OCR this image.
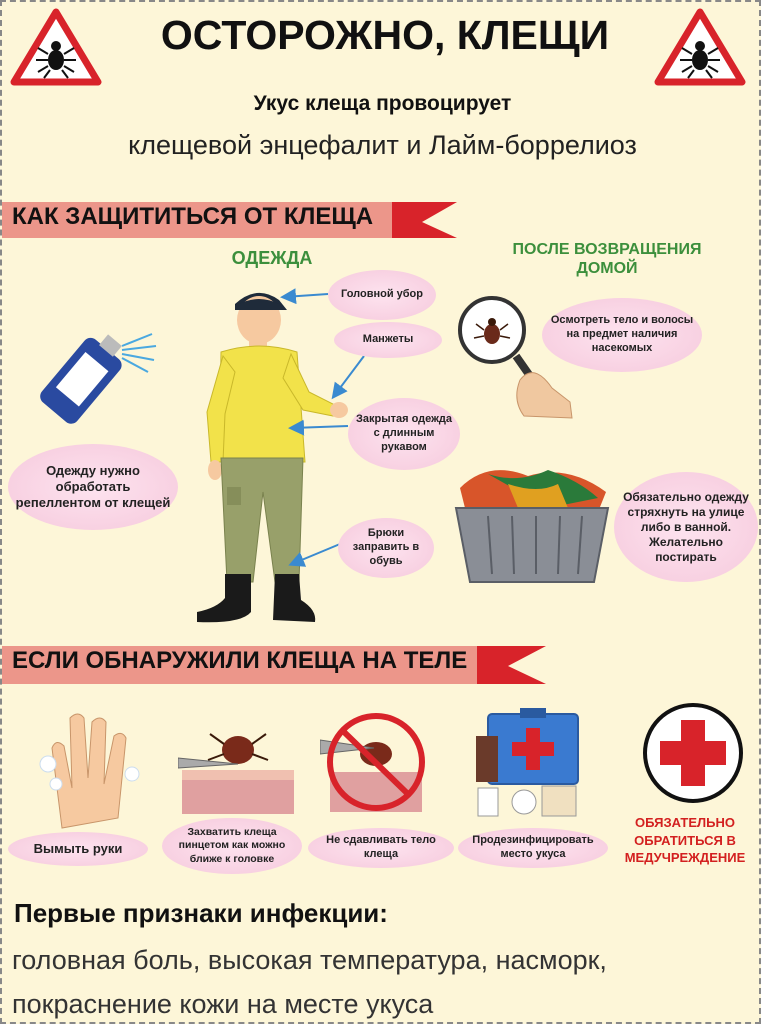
ОСТОРОЖНО, КЛЕЩИ
Укус клеща провоцирует
клещевой энцефалит и Лайм-боррелиоз
КАК ЗАЩИТИТЬСЯ ОТ КЛЕЩА
ОДЕЖДА	ПОСЛЕ ВОЗВРАЩЕНИЯ ДОМОЙ
Головной убор
Манжеты
Закрытая одежда с длинным рукавом
Брюки заправить в обувь
Одежду нужно обработать репеллентом от клещей
Осмотреть тело и волосы на предмет наличия насекомых
Обязательно одежду стряхнуть на улице либо в ванной. Желательно постирать
ЕСЛИ ОБНАРУЖИЛИ КЛЕЩА НА ТЕЛЕ
Вымыть руки
Захватить клеща пинцетом как можно ближе к головке
Не сдавливать тело клеща
Продезинфицировать место укуса
ОБЯЗАТЕЛЬНО ОБРАТИТЬСЯ В МЕДУЧРЕЖДЕНИЕ
Первые признаки инфекции:
головная боль, высокая температура, насморк,
покраснение кожи на месте укуса
